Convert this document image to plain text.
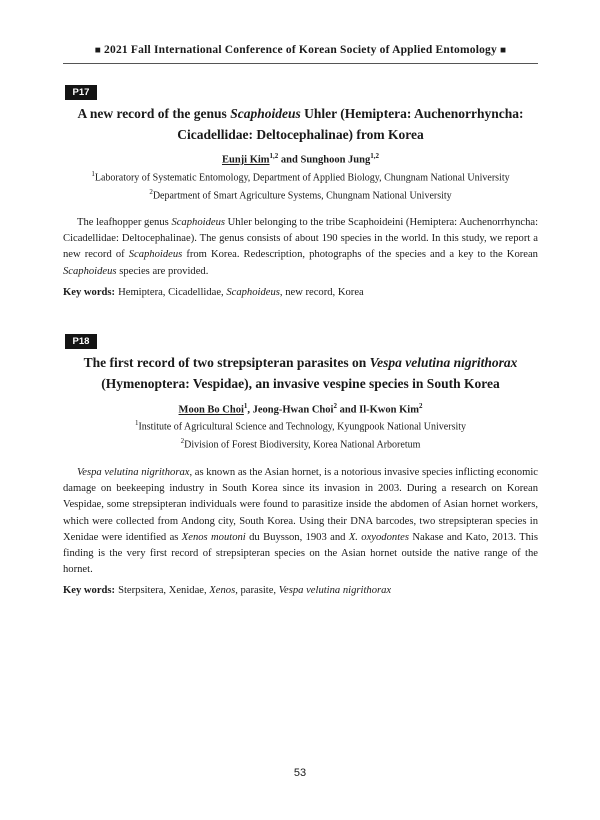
■ 2021 Fall International Conference of Korean Society of Applied Entomology ■
P17
A new record of the genus Scaphoideus Uhler (Hemiptera: Auchenorrhyncha:
Cicadellidae: Deltocephalinae) from Korea
Eunji Kim$^{1,2}$ and Sunghoon Jung$^{1,2}$
$^1$Laboratory of Systematic Entomology, Department of Applied Biology, Chungnam National University
$^2$Department of Smart Agriculture Systems, Chungnam National University
The leafhopper genus Scaphoideus Uhler belonging to the tribe Scaphoideini (Hemiptera: Auchenorrhyncha: Cicadellidae: Deltocephalinae). The genus consists of about 190 species in the world. In this study, we report a new record of Scaphoideus from Korea. Redescription, photographs of the species and a key to the Korean Scaphoideus species are provided.
Key words: Hemiptera, Cicadellidae, Scaphoideus, new record, Korea
P18
The first record of two strepsipteran parasites on Vespa velutina nigrithorax
(Hymenoptera: Vespidae), an invasive vespine species in South Korea
Moon Bo Choi$^1$, Jeong-Hwan Choi$^2$ and Il-Kwon Kim$^2$
$^1$Institute of Agricultural Science and Technology, Kyungpook National University
$^2$Division of Forest Biodiversity, Korea National Arboretum
Vespa velutina nigrithorax, as known as the Asian hornet, is a notorious invasive species inflicting economic damage on beekeeping industry in South Korea since its invasion in 2003. During a research on Korean Vespidae, some strepsipteran individuals were found to parasitize inside the abdomen of Asian hornet workers, which were collected from Andong city, South Korea. Using their DNA barcodes, two strepsipteran species in Xenidae were identified as Xenos moutoni du Buysson, 1903 and X. oxyodontes Nakase and Kato, 2013. This finding is the very first record of strepsipteran species on the Asian hornet outside the native range of the hornet.
Key words: Sterpsitera, Xenidae, Xenos, parasite, Vespa velutina nigrithorax
53
